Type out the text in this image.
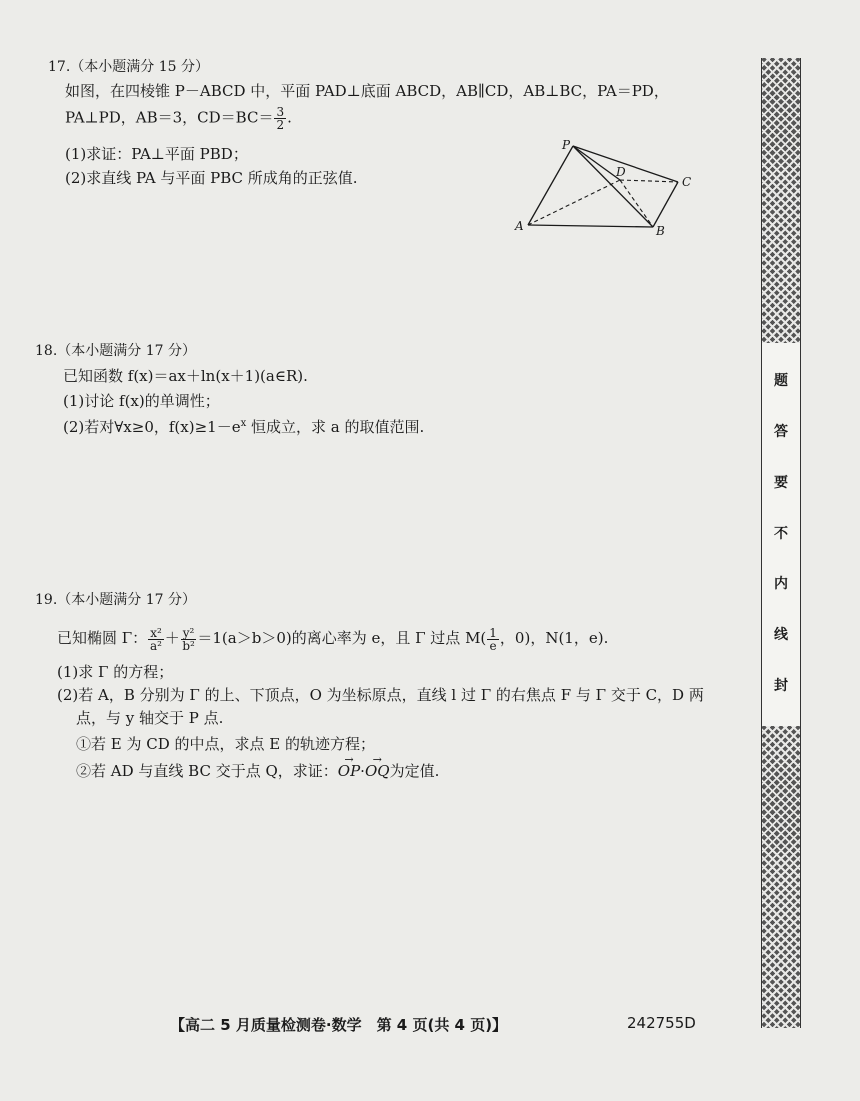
17.（本小题满分 15 分）
如图，在四棱锥 P－ABCD 中，平面 PAD⊥底面 ABCD，AB∥CD，AB⊥BC，PA＝PD，
PA⊥PD，AB＝3，$CD=BC= \frac{3}{2}$ .
(1)求证：PA⊥平面 PBD；
(2)求直线 PA 与平面 PBC 所成角的正弦值.
P
D
C
A	B
18.（本小题满分 17 分）
已知函数 f(x)＝ax＋ln(x＋1)(a∈R).
(1)讨论 f(x)的单调性；
(2)若对∀x≥0，$f(x)\ge 1-e^x$ 恒成立，求 a 的取值范围.
19.（本小题满分 17 分）
已知椭圆 Γ： $\frac{\text{x²}}{\text{a²}} + \frac{\text{y²}}{\text{b²}} =1(a>b>0)$的离心率为 e，且 Γ 过点 $M( \frac{1}{e}$ ，0)，N(1，e).
(1)求 Γ 的方程；
(2)若 A，B 分别为 Γ 的上、下顶点，O 为坐标原点，直线 l 过 Γ 的右焦点 F 与 Γ 交于 C，D 两
点，与 y 轴交于 P 点.
①若 E 为 CD 的中点，求点 E 的轨迹方程；
②若 AD 与直线 BC 交于点 Q，求证：→ OP·→ OQ为定值.
题
答
要
不
内
线
封
【高二 5 月质量检测卷·数学　第 4 页(共 4 页)】	242755D
